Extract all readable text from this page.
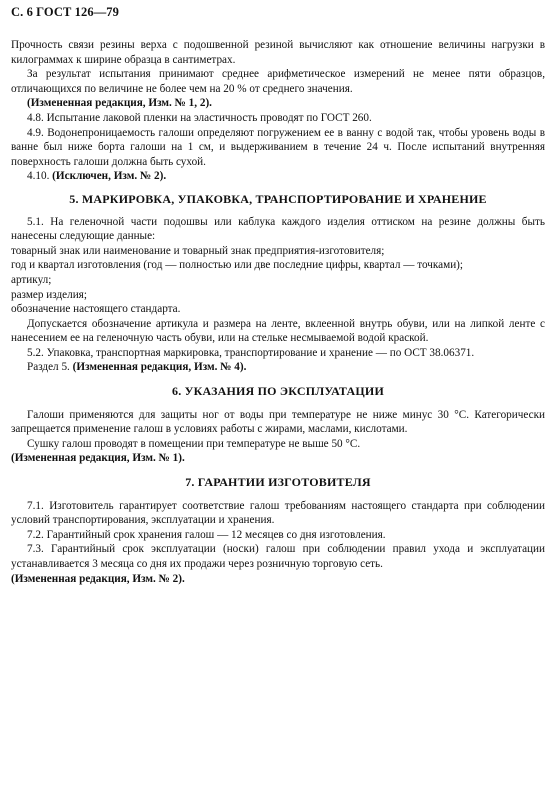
С. 6 ГОСТ 126—79

Прочность связи резины верха с подошвенной резиной вычисляют как отношение величины нагрузки в килограммах к ширине образца в сантиметрах.

За результат испытания принимают среднее арифметическое измерений не менее пяти образцов, отличающихся по величине не более чем на 20 % от среднего значения.

(Измененная редакция, Изм. № 1, 2).

4.8. Испытание лаковой пленки на эластичность проводят по ГОСТ 260.

4.9. Водонепроницаемость галоши определяют погружением ее в ванну с водой так, чтобы уровень воды в ванне был ниже борта галоши на 1 см, и выдерживанием в течение 24 ч. После испытаний внутренняя поверхность галоши должна быть сухой.

4.10. (Исключен, Изм. № 2).

5. МАРКИРОВКА, УПАКОВКА, ТРАНСПОРТИРОВАНИЕ И ХРАНЕНИЕ

5.1. На геленочной части подошвы или каблука каждого изделия оттиском на резине должны быть нанесены следующие данные:

товарный знак или наименование и товарный знак предприятия-изготовителя;

год и квартал изготовления (год — полностью или две последние цифры, квартал — точками);

артикул;

размер изделия;

обозначение настоящего стандарта.

Допускается обозначение артикула и размера на ленте, вклеенной внутрь обуви, или на липкой ленте с нанесением ее на геленочную часть обуви, или на стельке несмываемой водой краской.

5.2. Упаковка, транспортная маркировка, транспортирование и хранение — по ОСТ 38.06371.

Раздел 5. (Измененная редакция, Изм. № 4).

6. УКАЗАНИЯ ПО ЭКСПЛУАТАЦИИ

Галоши применяются для защиты ног от воды при температуре не ниже минус 30 °С. Категорически запрещается применение галош в условиях работы с жирами, маслами, кислотами.

Сушку галош проводят в помещении при температуре не выше 50 °С.

(Измененная редакция, Изм. № 1).

7. ГАРАНТИИ ИЗГОТОВИТЕЛЯ

7.1. Изготовитель гарантирует соответствие галош требованиям настоящего стандарта при соблюдении условий транспортирования, эксплуатации и хранения.

7.2. Гарантийный срок хранения галош — 12 месяцев со дня изготовления.

7.3. Гарантийный срок эксплуатации (носки) галош при соблюдении правил ухода и эксплуатации устанавливается 3 месяца со дня их продажи через розничную торговую сеть.

(Измененная редакция, Изм. № 2).
